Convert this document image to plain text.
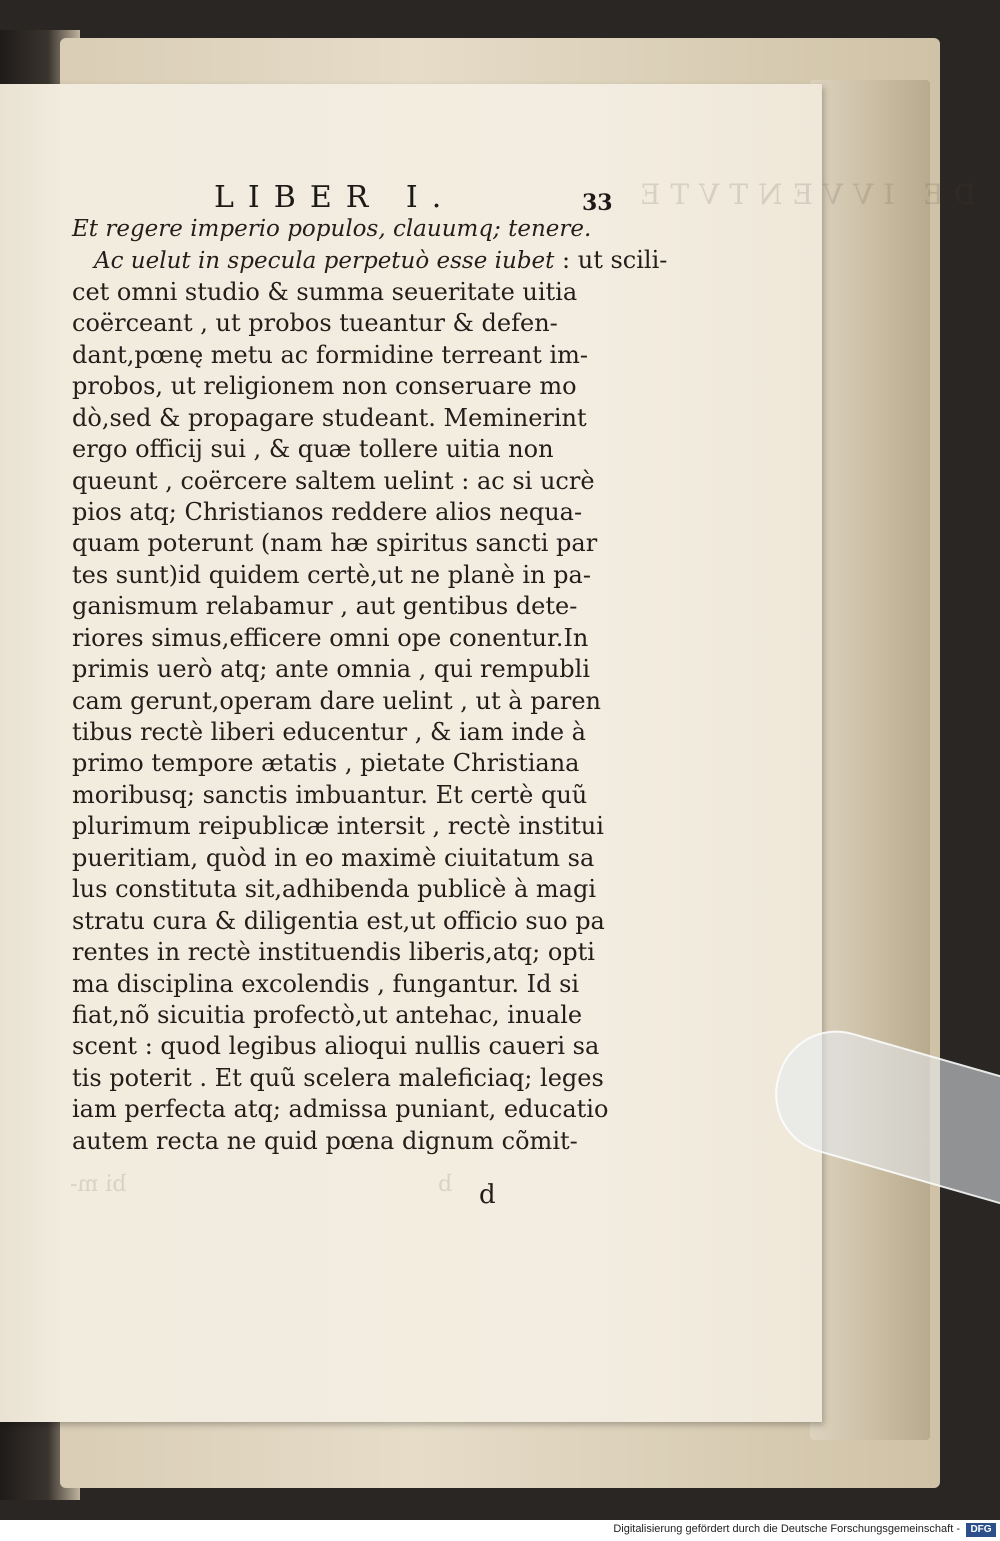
DE IVVENTVTE
bi m-	b
LIBER I.	33
Et regere imperio populos, clauumq; tenere.
Ac uelut in specula perpetuò esse iubet : ut scili-
cet omni studio & summa seueritate uitia
coërceant , ut probos tueantur & defen-
dant,pœnę metu ac formidine terreant im-
probos, ut religionem non conseruare mo
dò,sed & propagare studeant. Meminerint
ergo officij sui , & quæ tollere uitia non
queunt , coërcere saltem uelint : ac si ucrè
pios atq; Christianos reddere alios nequa-
quam poterunt (nam hæ spiritus sancti par
tes sunt)id quidem certè,ut ne planè in pa-
ganismum relabamur , aut gentibus dete-
riores simus,efficere omni ope conentur.In
primis uerò atq; ante omnia , qui rempubli
cam gerunt,operam dare uelint , ut à paren
tibus rectè liberi educentur , & iam inde à
primo tempore ætatis , pietate Christiana
moribusq; sanctis imbuantur. Et certè quũ
plurimum reipublicæ intersit , rectè institui
pueritiam, quòd in eo maximè ciuitatum sa
lus constituta sit,adhibenda publicè à magi
stratu cura & diligentia est,ut officio suo pa
rentes in rectè instituendis liberis,atq; opti
ma disciplina excolendis , fungantur. Id si
fiat,nõ sicuitia profectò,ut antehac, inuale
scent : quod legibus alioqui nullis caueri sa
tis poterit . Et quũ scelera maleficiaq; leges
iam perfecta atq; admissa puniant, educatio
autem recta ne quid pœna dignum cõmit-
d
Digitalisierung gefördert durch die Deutsche Forschungsgemeinschaft -	DFG
